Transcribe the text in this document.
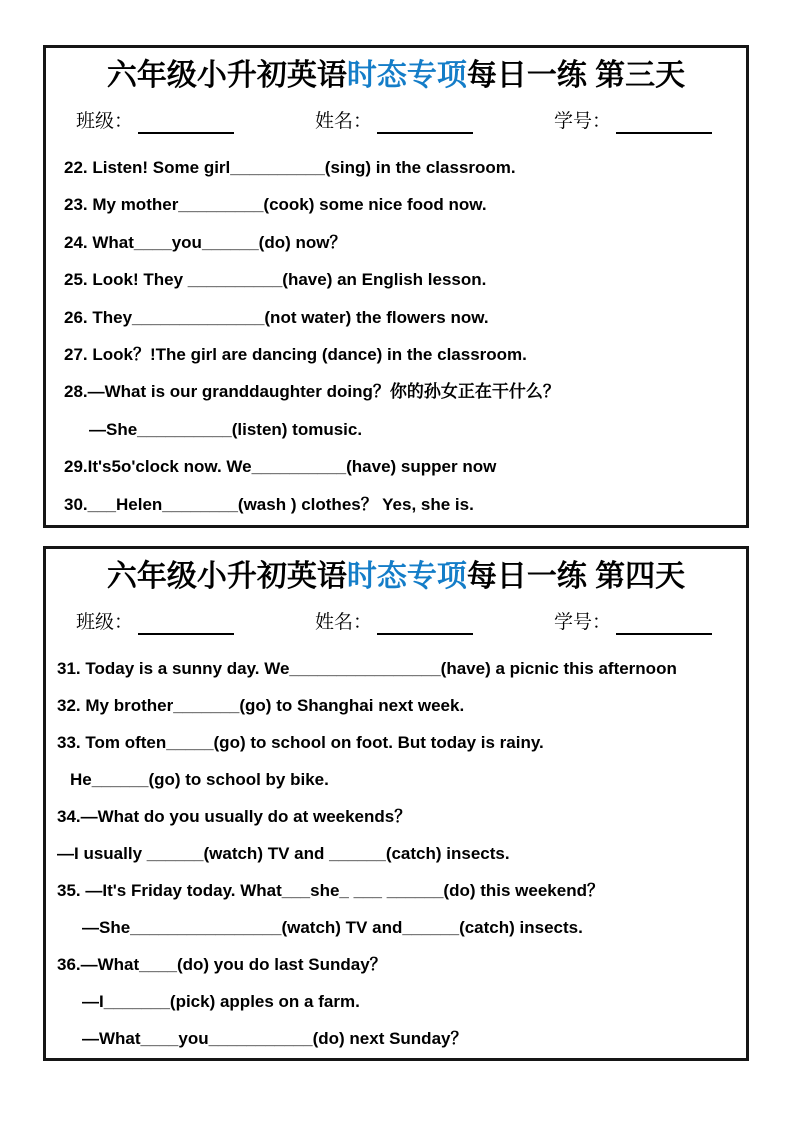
六年级小升初英语时态专项每日一练 第三天
班级：	姓名：	学号：
22. Listen! Some girl__________(sing) in the classroom.
23. My mother_________(cook) some nice food now.
24. What____you______(do) now？
25. Look! They __________(have) an English lesson.
26. They______________(not water) the flowers now.
27. Look？!The girl are dancing (dance) in the classroom.
28.—What is our granddaughter doing？你的孙女正在干什么？
—She__________(listen) tomusic.
29.It's5o'clock now. We__________(have) supper now
30.___Helen________(wash ) clothes？ Yes, she is.
六年级小升初英语时态专项每日一练 第四天
班级：	姓名：	学号：
31. Today is a sunny day. We________________(have) a picnic this afternoon
32. My brother_______(go) to Shanghai next week.
33. Tom often_____(go) to school on foot. But today is rainy.
He______(go) to school by bike.
34.—What do you usually do at weekends？
—I usually ______(watch) TV and ______(catch) insects.
35. —It's Friday today. What___she_ ___ ______(do) this weekend？
—She________________(watch) TV and______(catch) insects.
36.—What____(do) you do last Sunday？
—I_______(pick) apples on a farm.
—What____you___________(do) next Sunday？
